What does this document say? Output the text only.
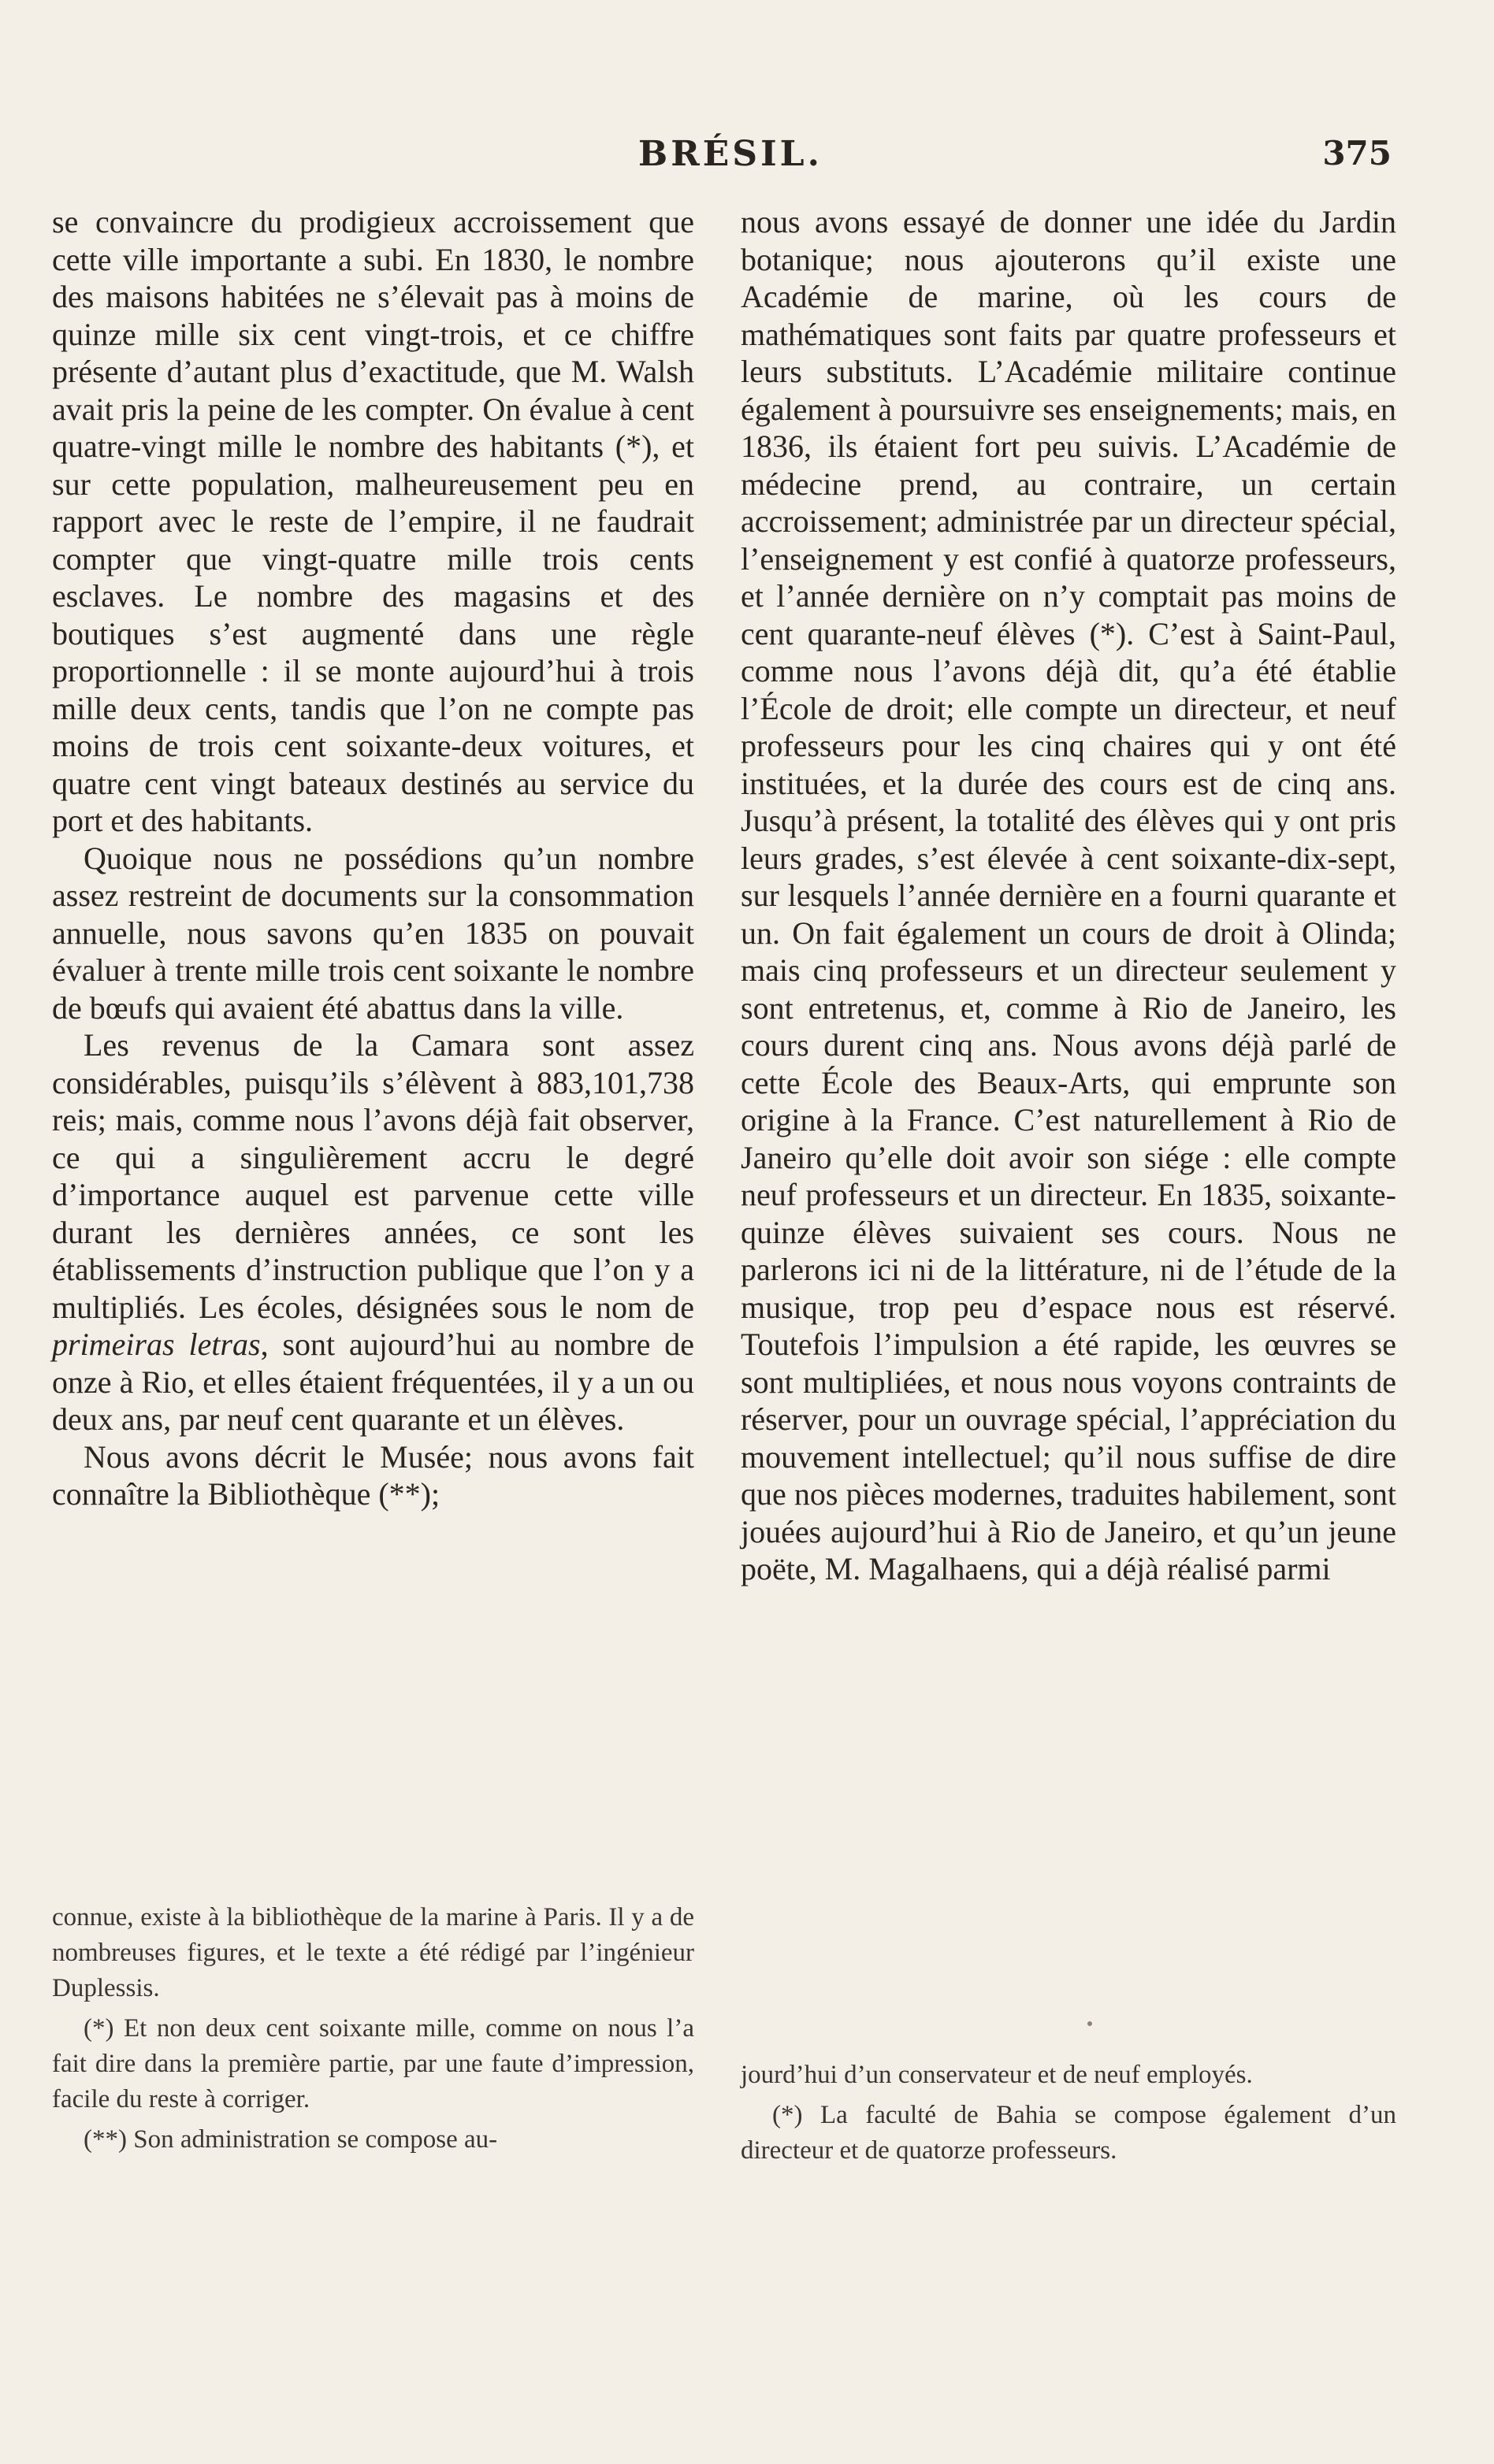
BRÉSIL.	375

se convaincre du prodigieux accroissement que cette ville importante a subi. En 1830, le nombre des maisons habitées ne s’élevait pas à moins de quinze mille six cent vingt-trois, et ce chiffre présente d’autant plus d’exactitude, que M. Walsh avait pris la peine de les compter. On évalue à cent quatre-vingt mille le nombre des habitants (*), et sur cette population, malheureusement peu en rapport avec le reste de l’empire, il ne faudrait compter que vingt-quatre mille trois cents esclaves. Le nombre des magasins et des boutiques s’est augmenté dans une règle proportionnelle : il se monte aujourd’hui à trois mille deux cents, tandis que l’on ne compte pas moins de trois cent soixante-deux voitures, et quatre cent vingt bateaux destinés au service du port et des habitants.

Quoique nous ne possédions qu’un nombre assez restreint de documents sur la consommation annuelle, nous savons qu’en 1835 on pouvait évaluer à trente mille trois cent soixante le nombre de bœufs qui avaient été abattus dans la ville.

Les revenus de la Camara sont assez considérables, puisqu’ils s’élèvent à 883,101,738 reis; mais, comme nous l’avons déjà fait observer, ce qui a singulièrement accru le degré d’importance auquel est parvenue cette ville durant les dernières années, ce sont les établissements d’instruction publique que l’on y a multipliés. Les écoles, désignées sous le nom de primeiras letras, sont aujourd’hui au nombre de onze à Rio, et elles étaient fréquentées, il y a un ou deux ans, par neuf cent quarante et un élèves.

Nous avons décrit le Musée; nous avons fait connaître la Bibliothèque (**);

nous avons essayé de donner une idée du Jardin botanique; nous ajouterons qu’il existe une Académie de marine, où les cours de mathématiques sont faits par quatre professeurs et leurs substituts. L’Académie militaire continue également à poursuivre ses enseignements; mais, en 1836, ils étaient fort peu suivis. L’Académie de médecine prend, au contraire, un certain accroissement; administrée par un directeur spécial, l’enseignement y est confié à quatorze professeurs, et l’année dernière on n’y comptait pas moins de cent quarante-neuf élèves (*). C’est à Saint-Paul, comme nous l’avons déjà dit, qu’a été établie l’École de droit; elle compte un directeur, et neuf professeurs pour les cinq chaires qui y ont été instituées, et la durée des cours est de cinq ans. Jusqu’à présent, la totalité des élèves qui y ont pris leurs grades, s’est élevée à cent soixante-dix-sept, sur lesquels l’année dernière en a fourni quarante et un. On fait également un cours de droit à Olinda; mais cinq professeurs et un directeur seulement y sont entretenus, et, comme à Rio de Janeiro, les cours durent cinq ans. Nous avons déjà parlé de cette École des Beaux-Arts, qui emprunte son origine à la France. C’est naturellement à Rio de Janeiro qu’elle doit avoir son siége : elle compte neuf professeurs et un directeur. En 1835, soixante-quinze élèves suivaient ses cours. Nous ne parlerons ici ni de la littérature, ni de l’étude de la musique, trop peu d’espace nous est réservé. Toutefois l’impulsion a été rapide, les œuvres se sont multipliées, et nous nous voyons contraints de réserver, pour un ouvrage spécial, l’appréciation du mouvement intellectuel; qu’il nous suffise de dire que nos pièces modernes, traduites habilement, sont jouées aujourd’hui à Rio de Janeiro, et qu’un jeune poëte, M. Magalhaens, qui a déjà réalisé parmi

connue, existe à la bibliothèque de la marine à Paris. Il y a de nombreuses figures, et le texte a été rédigé par l’ingénieur Duplessis.

(*) Et non deux cent soixante mille, comme on nous l’a fait dire dans la première partie, par une faute d’impression, facile du reste à corriger.

(**) Son administration se compose au-

jourd’hui d’un conservateur et de neuf employés.

(*) La faculté de Bahia se compose également d’un directeur et de quatorze professeurs.
